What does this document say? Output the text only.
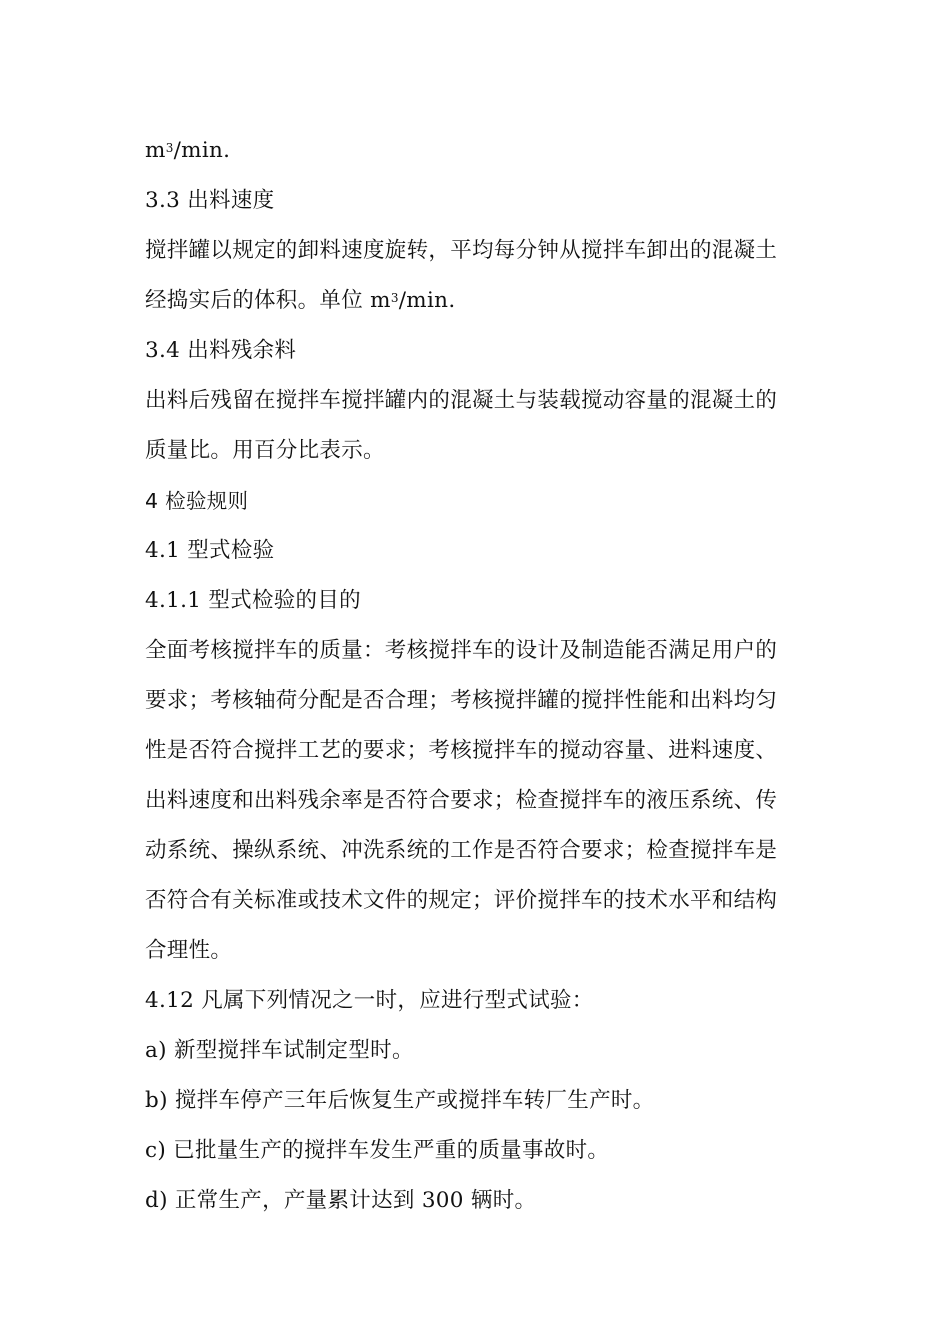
$m^3/\min$.
3.3 出料速度
搅拌罐以规定的卸料速度旋转，平均每分钟从搅拌车卸出的混凝土
经捣实后的体积。单位 $m^3/\min$.
3.4 出料残余料
出料后残留在搅拌车搅拌罐内的混凝土与装载搅动容量的混凝土的
质量比。用百分比表示。
4 检验规则
4.1 型式检验
4.1.1 型式检验的目的
全面考核搅拌车的质量：考核搅拌车的设计及制造能否满足用户的
要求；考核轴荷分配是否合理；考核搅拌罐的搅拌性能和出料均匀
性是否符合搅拌工艺的要求；考核搅拌车的搅动容量、进料速度、
出料速度和出料残余率是否符合要求；检查搅拌车的液压系统、传
动系统、操纵系统、冲洗系统的工作是否符合要求；检查搅拌车是
否符合有关标准或技术文件的规定；评价搅拌车的技术水平和结构
合理性。
4.12 凡属下列情况之一时，应进行型式试验：
a) 新型搅拌车试制定型时。
b) 搅拌车停产三年后恢复生产或搅拌车转厂生产时。
c) 已批量生产的搅拌车发生严重的质量事故时。
d) 正常生产，产量累计达到 300 辆时。
